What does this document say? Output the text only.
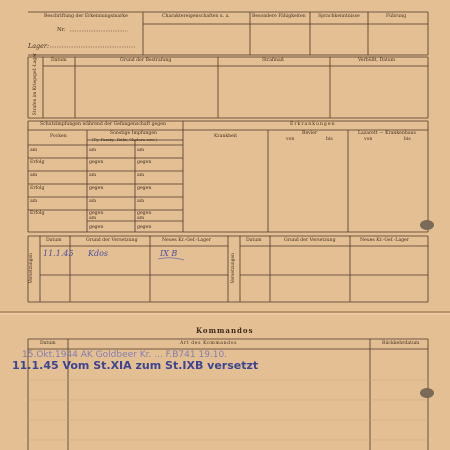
Beschriftung der Erkennungsmarke
Nr.
Lager:
Charaktereigenschaften u. a.	Besondere Fähigkeiten	Sprachkenntnisse	Führung
Strafen im Kriegsgef.-Lager	Datum	Grund der Bestrafung	Strafmaß	Verbüßt, Datum
Schutzimpfungen während der Gefangenschaft gegen
Pocken
Sonstige Impfungen
(Ty.-Paraty., Ruhr, Cholera usw.)
am	am	am
Erfolg	gegen	gegen
am	am	am
Erfolg	gegen	gegen
am	am	am
Erfolg	gegen	gegen
am	am
gegen	gegen
Erkrankungen
Krankheit
Revier
von	bis
Lazarett — Krankenhaus
von	bis
Versetzungen	Versetzungen
Datum	Grund der Versetzung	Neues Kr.-Gef.-Lager	Datum	Grund der Versetzung	Neues Kr.-Gef.-Lager
11.1.45 Kdos	IX B
Kommandos
Datum	Art des Kommandos	Rückkehrdatum
15.Okt.1944 AK Goldbeer Kr. ... F.B741 19.10.
11.1.45 Vom St.XIA zum St.IXB versetzt
